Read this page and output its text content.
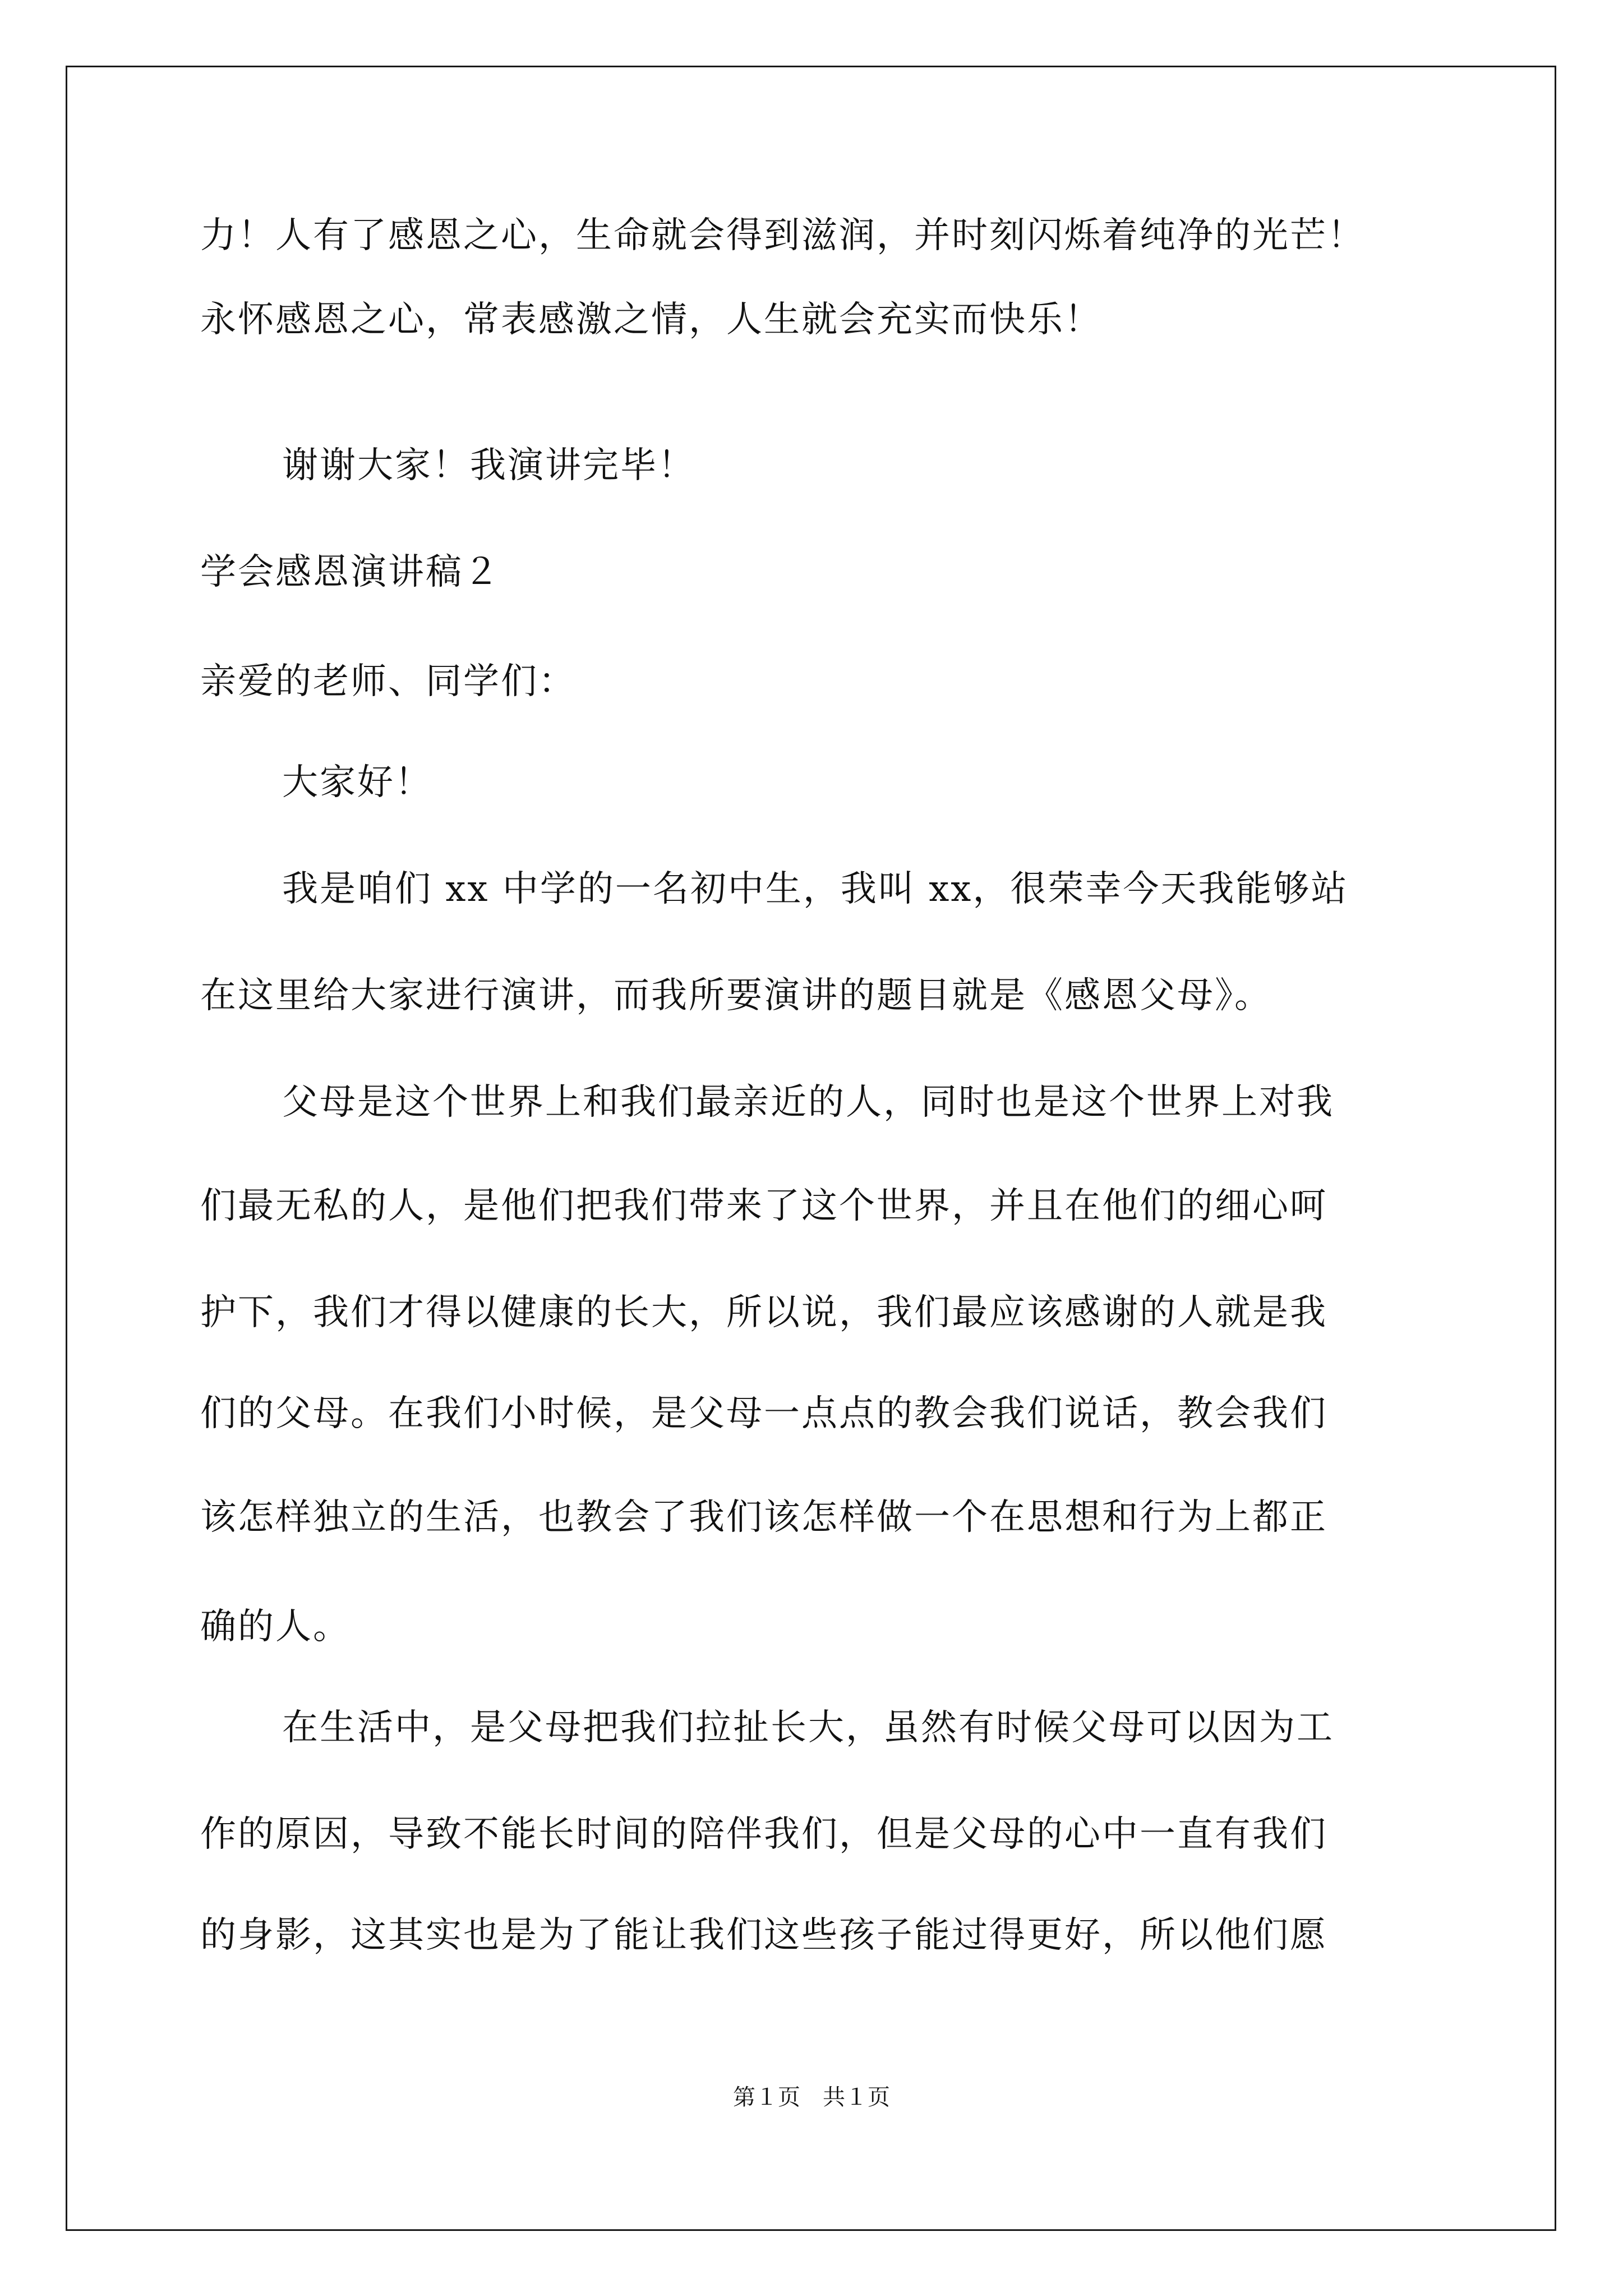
力！人有了感恩之心，生命就会得到滋润，并时刻闪烁着纯净的光芒！
永怀感恩之心，常表感激之情，人生就会充实而快乐！
谢谢大家！我演讲完毕！
学会感恩演讲稿２
亲爱的老师、同学们：
大家好！
我是咱们 xx 中学的一名初中生，我叫 xx，很荣幸今天我能够站
在这里给大家进行演讲，而我所要演讲的题目就是《感恩父母》。
父母是这个世界上和我们最亲近的人，同时也是这个世界上对我
们最无私的人，是他们把我们带来了这个世界，并且在他们的细心呵
护下，我们才得以健康的长大，所以说，我们最应该感谢的人就是我
们的父母。在我们小时候，是父母一点点的教会我们说话，教会我们
该怎样独立的生活，也教会了我们该怎样做一个在思想和行为上都正
确的人。
在生活中，是父母把我们拉扯长大，虽然有时候父母可以因为工
作的原因，导致不能长时间的陪伴我们，但是父母的心中一直有我们
的身影，这其实也是为了能让我们这些孩子能过得更好，所以他们愿
第１页　共１页
